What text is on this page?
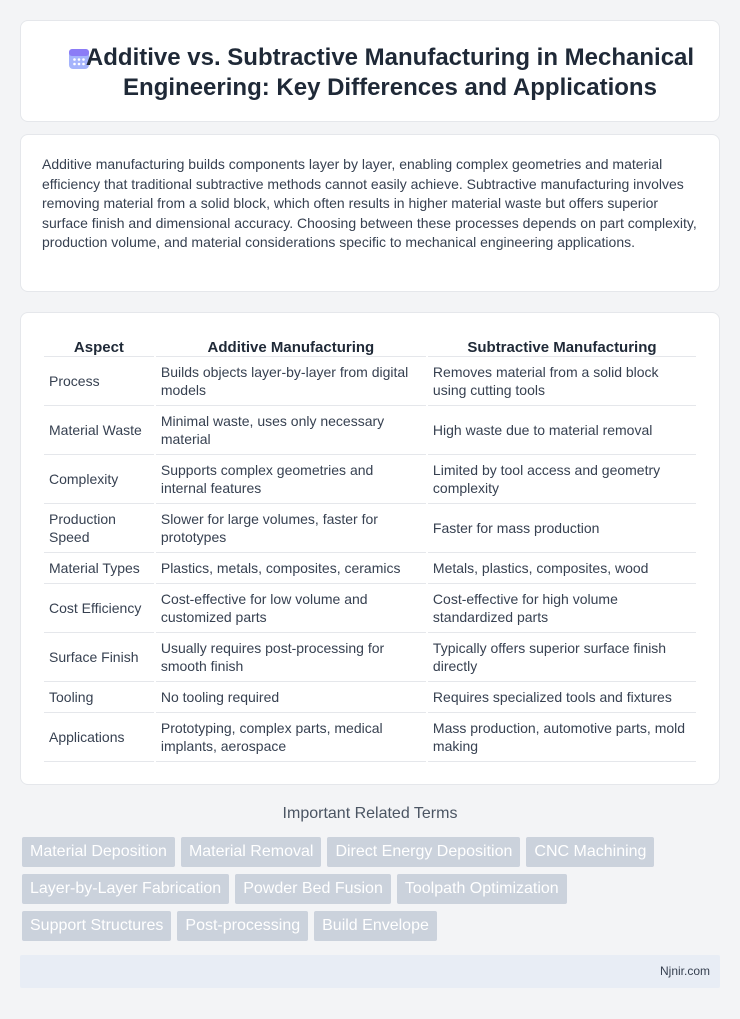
Additive vs. Subtractive Manufacturing in Mechanical Engineering: Key Differences and Applications

Additive manufacturing builds components layer by layer, enabling complex geometries and material efficiency that traditional subtractive methods cannot easily achieve. Subtractive manufacturing involves removing material from a solid block, which often results in higher material waste but offers superior surface finish and dimensional accuracy. Choosing between these processes depends on part complexity, production volume, and material considerations specific to mechanical engineering applications.

Aspect	Additive Manufacturing	Subtractive Manufacturing
Process	Builds objects layer-by-layer from digital models	Removes material from a solid block using cutting tools
Material Waste	Minimal waste, uses only necessary material	High waste due to material removal
Complexity	Supports complex geometries and internal features	Limited by tool access and geometry complexity
Production Speed	Slower for large volumes, faster for prototypes	Faster for mass production
Material Types	Plastics, metals, composites, ceramics	Metals, plastics, composites, wood
Cost Efficiency	Cost-effective for low volume and customized parts	Cost-effective for high volume standardized parts
Surface Finish	Usually requires post-processing for smooth finish	Typically offers superior surface finish directly
Tooling	No tooling required	Requires specialized tools and fixtures
Applications	Prototyping, complex parts, medical implants, aerospace	Mass production, automotive parts, mold making
Important Related Terms
Material Deposition	Material Removal	Direct Energy Deposition	CNC Machining
Layer-by-Layer Fabrication	Powder Bed Fusion	Toolpath Optimization
Support Structures	Post-processing	Build Envelope
Njnir.com
